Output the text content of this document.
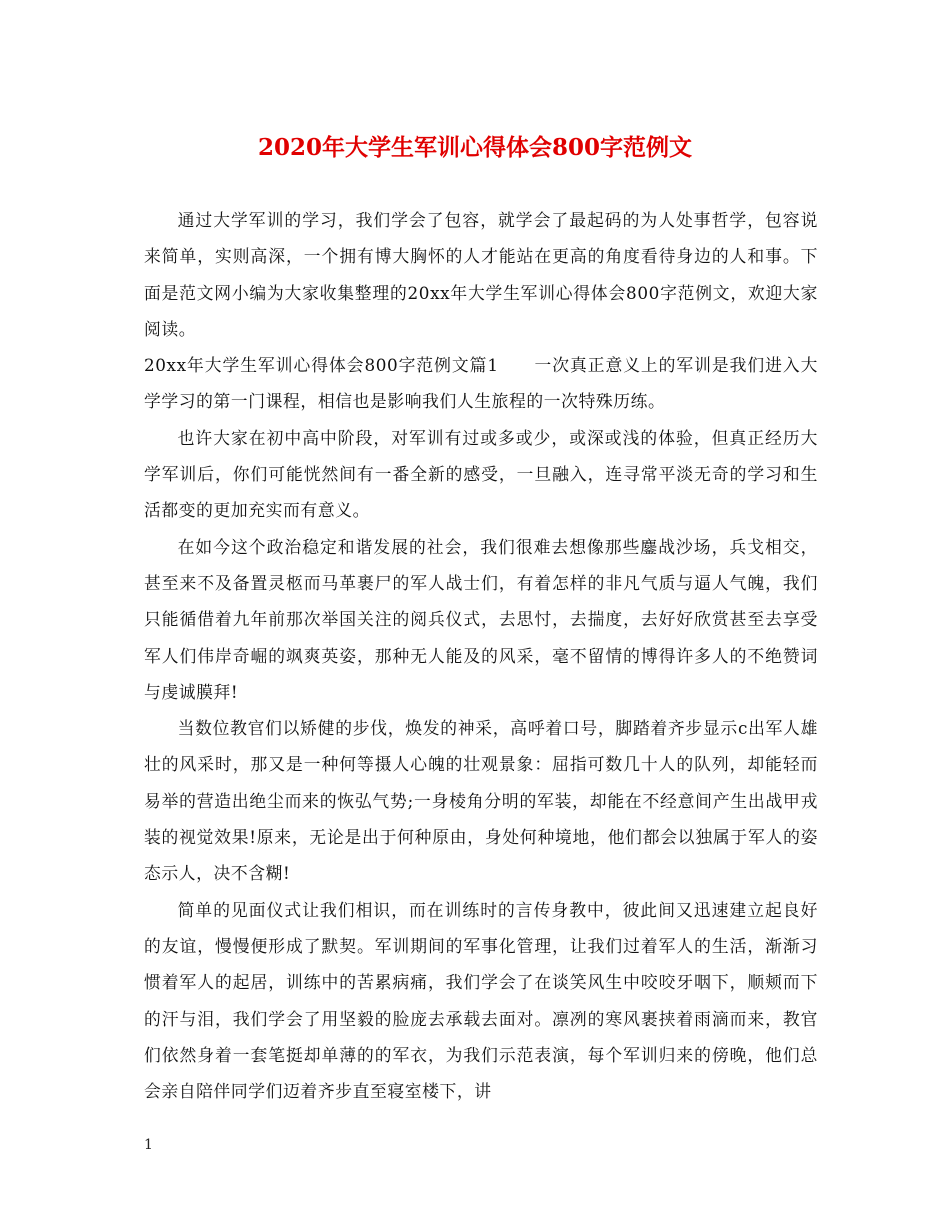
2020年大学生军训心得体会800字范例文

通过大学军训的学习，我们学会了包容，就学会了最起码的为人处事哲学，包容说来简单，实则高深，一个拥有博大胸怀的人才能站在更高的角度看待身边的人和事。下面是范文网小编为大家收集整理的20xx年大学生军训心得体会800字范例文，欢迎大家阅读。

20xx年大学生军训心得体会800字范例文篇1　　一次真正意义上的军训是我们进入大学学习的第一门课程，相信也是影响我们人生旅程的一次特殊历练。

也许大家在初中高中阶段，对军训有过或多或少，或深或浅的体验，但真正经历大学军训后，你们可能恍然间有一番全新的感受，一旦融入，连寻常平淡无奇的学习和生活都变的更加充实而有意义。

在如今这个政治稳定和谐发展的社会，我们很难去想像那些鏖战沙场，兵戈相交，甚至来不及备置灵柩而马革裹尸的军人战士们，有着怎样的非凡气质与逼人气魄，我们只能循借着九年前那次举国关注的阅兵仪式，去思忖，去揣度，去好好欣赏甚至去享受军人们伟岸奇崛的飒爽英姿，那种无人能及的风采，毫不留情的博得许多人的不绝赞词与虔诚膜拜!

当数位教官们以矫健的步伐，焕发的神采，高呼着口号，脚踏着齐步显示c出军人雄壮的风采时，那又是一种何等摄人心魄的壮观景象：屈指可数几十人的队列，却能轻而易举的营造出绝尘而来的恢弘气势;一身棱角分明的军装，却能在不经意间产生出战甲戎装的视觉效果!原来，无论是出于何种原由，身处何种境地，他们都会以独属于军人的姿态示人，决不含糊!

简单的见面仪式让我们相识，而在训练时的言传身教中，彼此间又迅速建立起良好的友谊，慢慢便形成了默契。军训期间的军事化管理，让我们过着军人的生活，渐渐习惯着军人的起居，训练中的苦累病痛，我们学会了在谈笑风生中咬咬牙咽下，顺颊而下的汗与泪，我们学会了用坚毅的脸庞去承载去面对。凛冽的寒风裹挟着雨滴而来，教官们依然身着一套笔挺却单薄的的军衣，为我们示范表演，每个军训归来的傍晚，他们总会亲自陪伴同学们迈着齐步直至寝室楼下，讲

1
